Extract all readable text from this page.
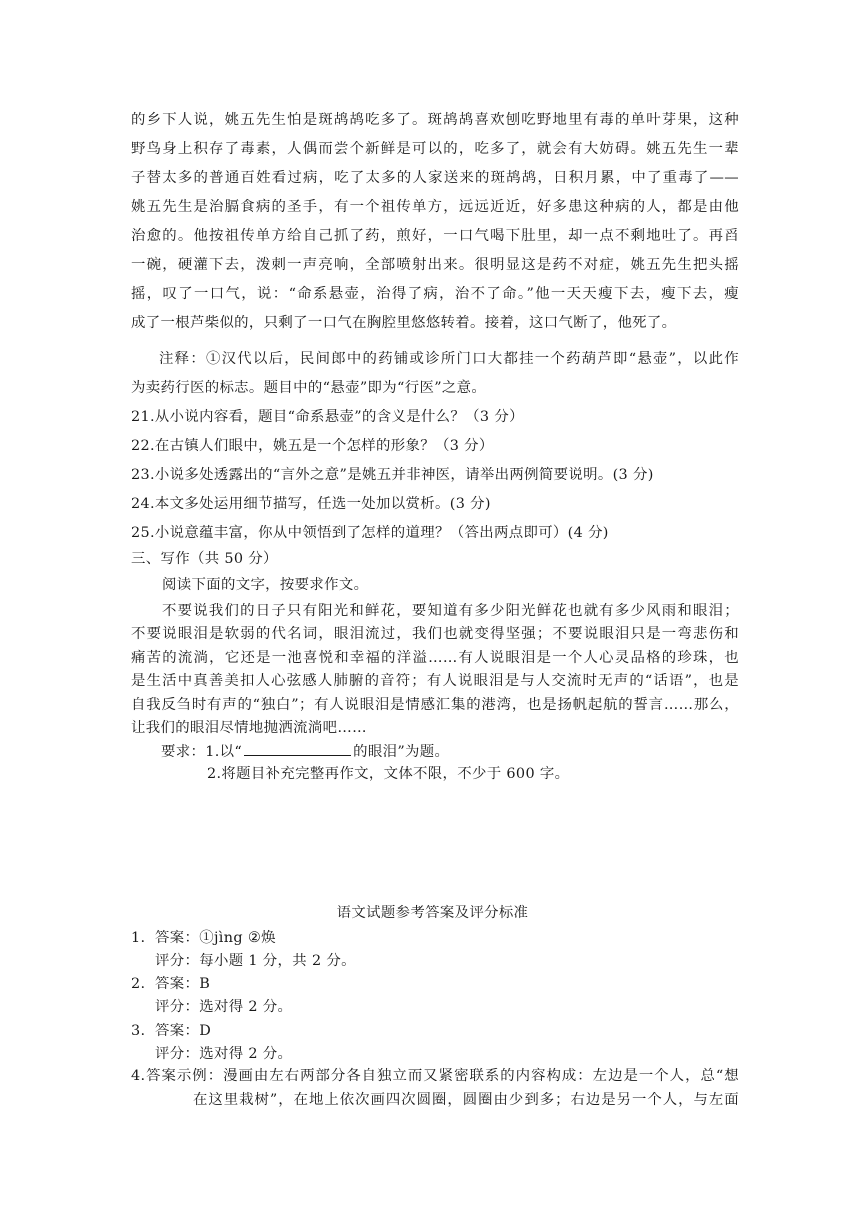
的乡下人说，姚五先生怕是斑鸪鸪吃多了。斑鸪鸪喜欢刨吃野地里有毒的单叶芽果，这种
野鸟身上积存了毒素，人偶而尝个新鲜是可以的，吃多了，就会有大妨碍。姚五先生一辈
子替太多的普通百姓看过病，吃了太多的人家送来的斑鸪鸪，日积月累，中了重毒了——
姚五先生是治膈食病的圣手，有一个祖传单方，远远近近，好多患这种病的人，都是由他
治愈的。他按祖传单方给自己抓了药，煎好，一口气喝下肚里，却一点不剩地吐了。再舀
一碗，硬灌下去，泼刺一声亮响，全部喷射出来。很明显这是药不对症，姚五先生把头摇
摇，叹了一口气，说：“命系悬壶，治得了病，治不了命。”他一天天瘦下去，瘦下去，瘦
成了一根芦柴似的，只剩了一口气在胸腔里悠悠转着。接着，这口气断了，他死了。
注释：①汉代以后，民间郎中的药铺或诊所门口大都挂一个药葫芦即“悬壶”，以此作
为卖药行医的标志。题目中的“悬壶”即为“行医”之意。
21.从小说内容看，题目“命系悬壶”的含义是什么？（3 分）
22.在古镇人们眼中，姚五是一个怎样的形象？（3 分）
23.小说多处透露出的“言外之意”是姚五并非神医，请举出两例简要说明。(3 分)
24.本文多处运用细节描写，任选一处加以赏析。(3 分)
25.小说意蕴丰富，你从中领悟到了怎样的道理？（答出两点即可）(4 分)
三、写作（共 50 分）
阅读下面的文字，按要求作文。
不要说我们的日子只有阳光和鲜花，要知道有多少阳光鲜花也就有多少风雨和眼泪；
不要说眼泪是软弱的代名词，眼泪流过，我们也就变得坚强；不要说眼泪只是一弯悲伤和
痛苦的流淌，它还是一池喜悦和幸福的洋溢……有人说眼泪是一个人心灵品格的珍珠，也
是生活中真善美扣人心弦感人肺腑的音符；有人说眼泪是与人交流时无声的“话语”，也是
自我反刍时有声的“独白”；有人说眼泪是情感汇集的港湾，也是扬帆起航的誓言……那么，
让我们的眼泪尽情地抛洒流淌吧……
要求：1.以“	的眼泪”为题。
2.将题目补充完整再作文，文体不限，不少于 600 字。
语文试题参考答案及评分标准
1. 答案：①jìng ②焕
评分：每小题 1 分，共 2 分。
2. 答案：B
评分：选对得 2 分。
3. 答案：D
评分：选对得 2 分。
4.答案示例：漫画由左右两部分各自独立而又紧密联系的内容构成：左边是一个人，总“想
在这里栽树”，在地上依次画四次圆圈，圆圈由少到多；右边是另一个人，与左面
